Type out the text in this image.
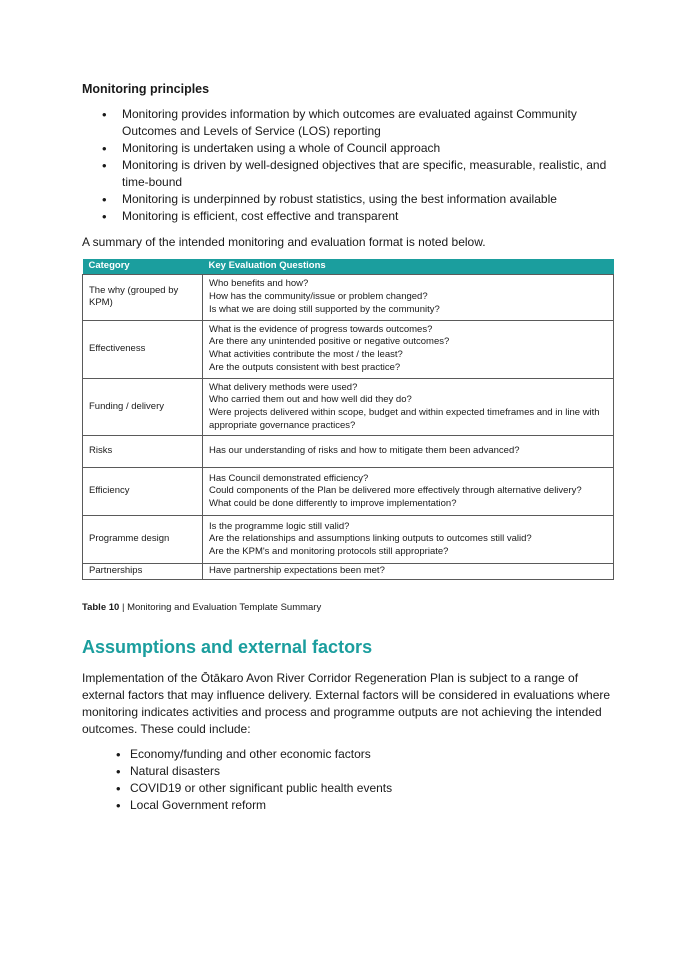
Monitoring principles
• Monitoring provides information by which outcomes are evaluated against Community Outcomes and Levels of Service (LOS) reporting
• Monitoring is undertaken using a whole of Council approach
• Monitoring is driven by well-designed objectives that are specific, measurable, realistic, and time-bound
• Monitoring is underpinned by robust statistics, using the best information available
• Monitoring is efficient, cost effective and transparent

A summary of the intended monitoring and evaluation format is noted below.

Category	Key Evaluation Questions
The why (grouped by KPM)	Who benefits and how?
How has the community/issue or problem changed?
Is what we are doing still supported by the community?

Effectiveness	What is the evidence of progress towards outcomes?
Are there any unintended positive or negative outcomes?
What activities contribute the most / the least?
Are the outputs consistent with best practice?

Funding / delivery	What delivery methods were used?
Who carried them out and how well did they do?
Were projects delivered within scope, budget and within expected timeframes and in line with appropriate governance practices?

Risks	Has our understanding of risks and how to mitigate them been advanced?

Efficiency	Has Council demonstrated efficiency?
Could components of the Plan be delivered more effectively through alternative delivery?
What could be done differently to improve implementation?

Programme design	Is the programme logic still valid?
Are the relationships and assumptions linking outputs to outcomes still valid?
Are the KPM's and monitoring protocols still appropriate?

Partnerships	Have partnership expectations been met?

Table 10 | Monitoring and Evaluation Template Summary

Assumptions and external factors

Implementation of the Ōtākaro Avon River Corridor Regeneration Plan is subject to a range of external factors that may influence delivery. External factors will be considered in evaluations where monitoring indicates activities and process and programme outputs are not achieving the intended outcomes. These could include:

• Economy/funding and other economic factors
• Natural disasters
• COVID19 or other significant public health events
• Local Government reform
